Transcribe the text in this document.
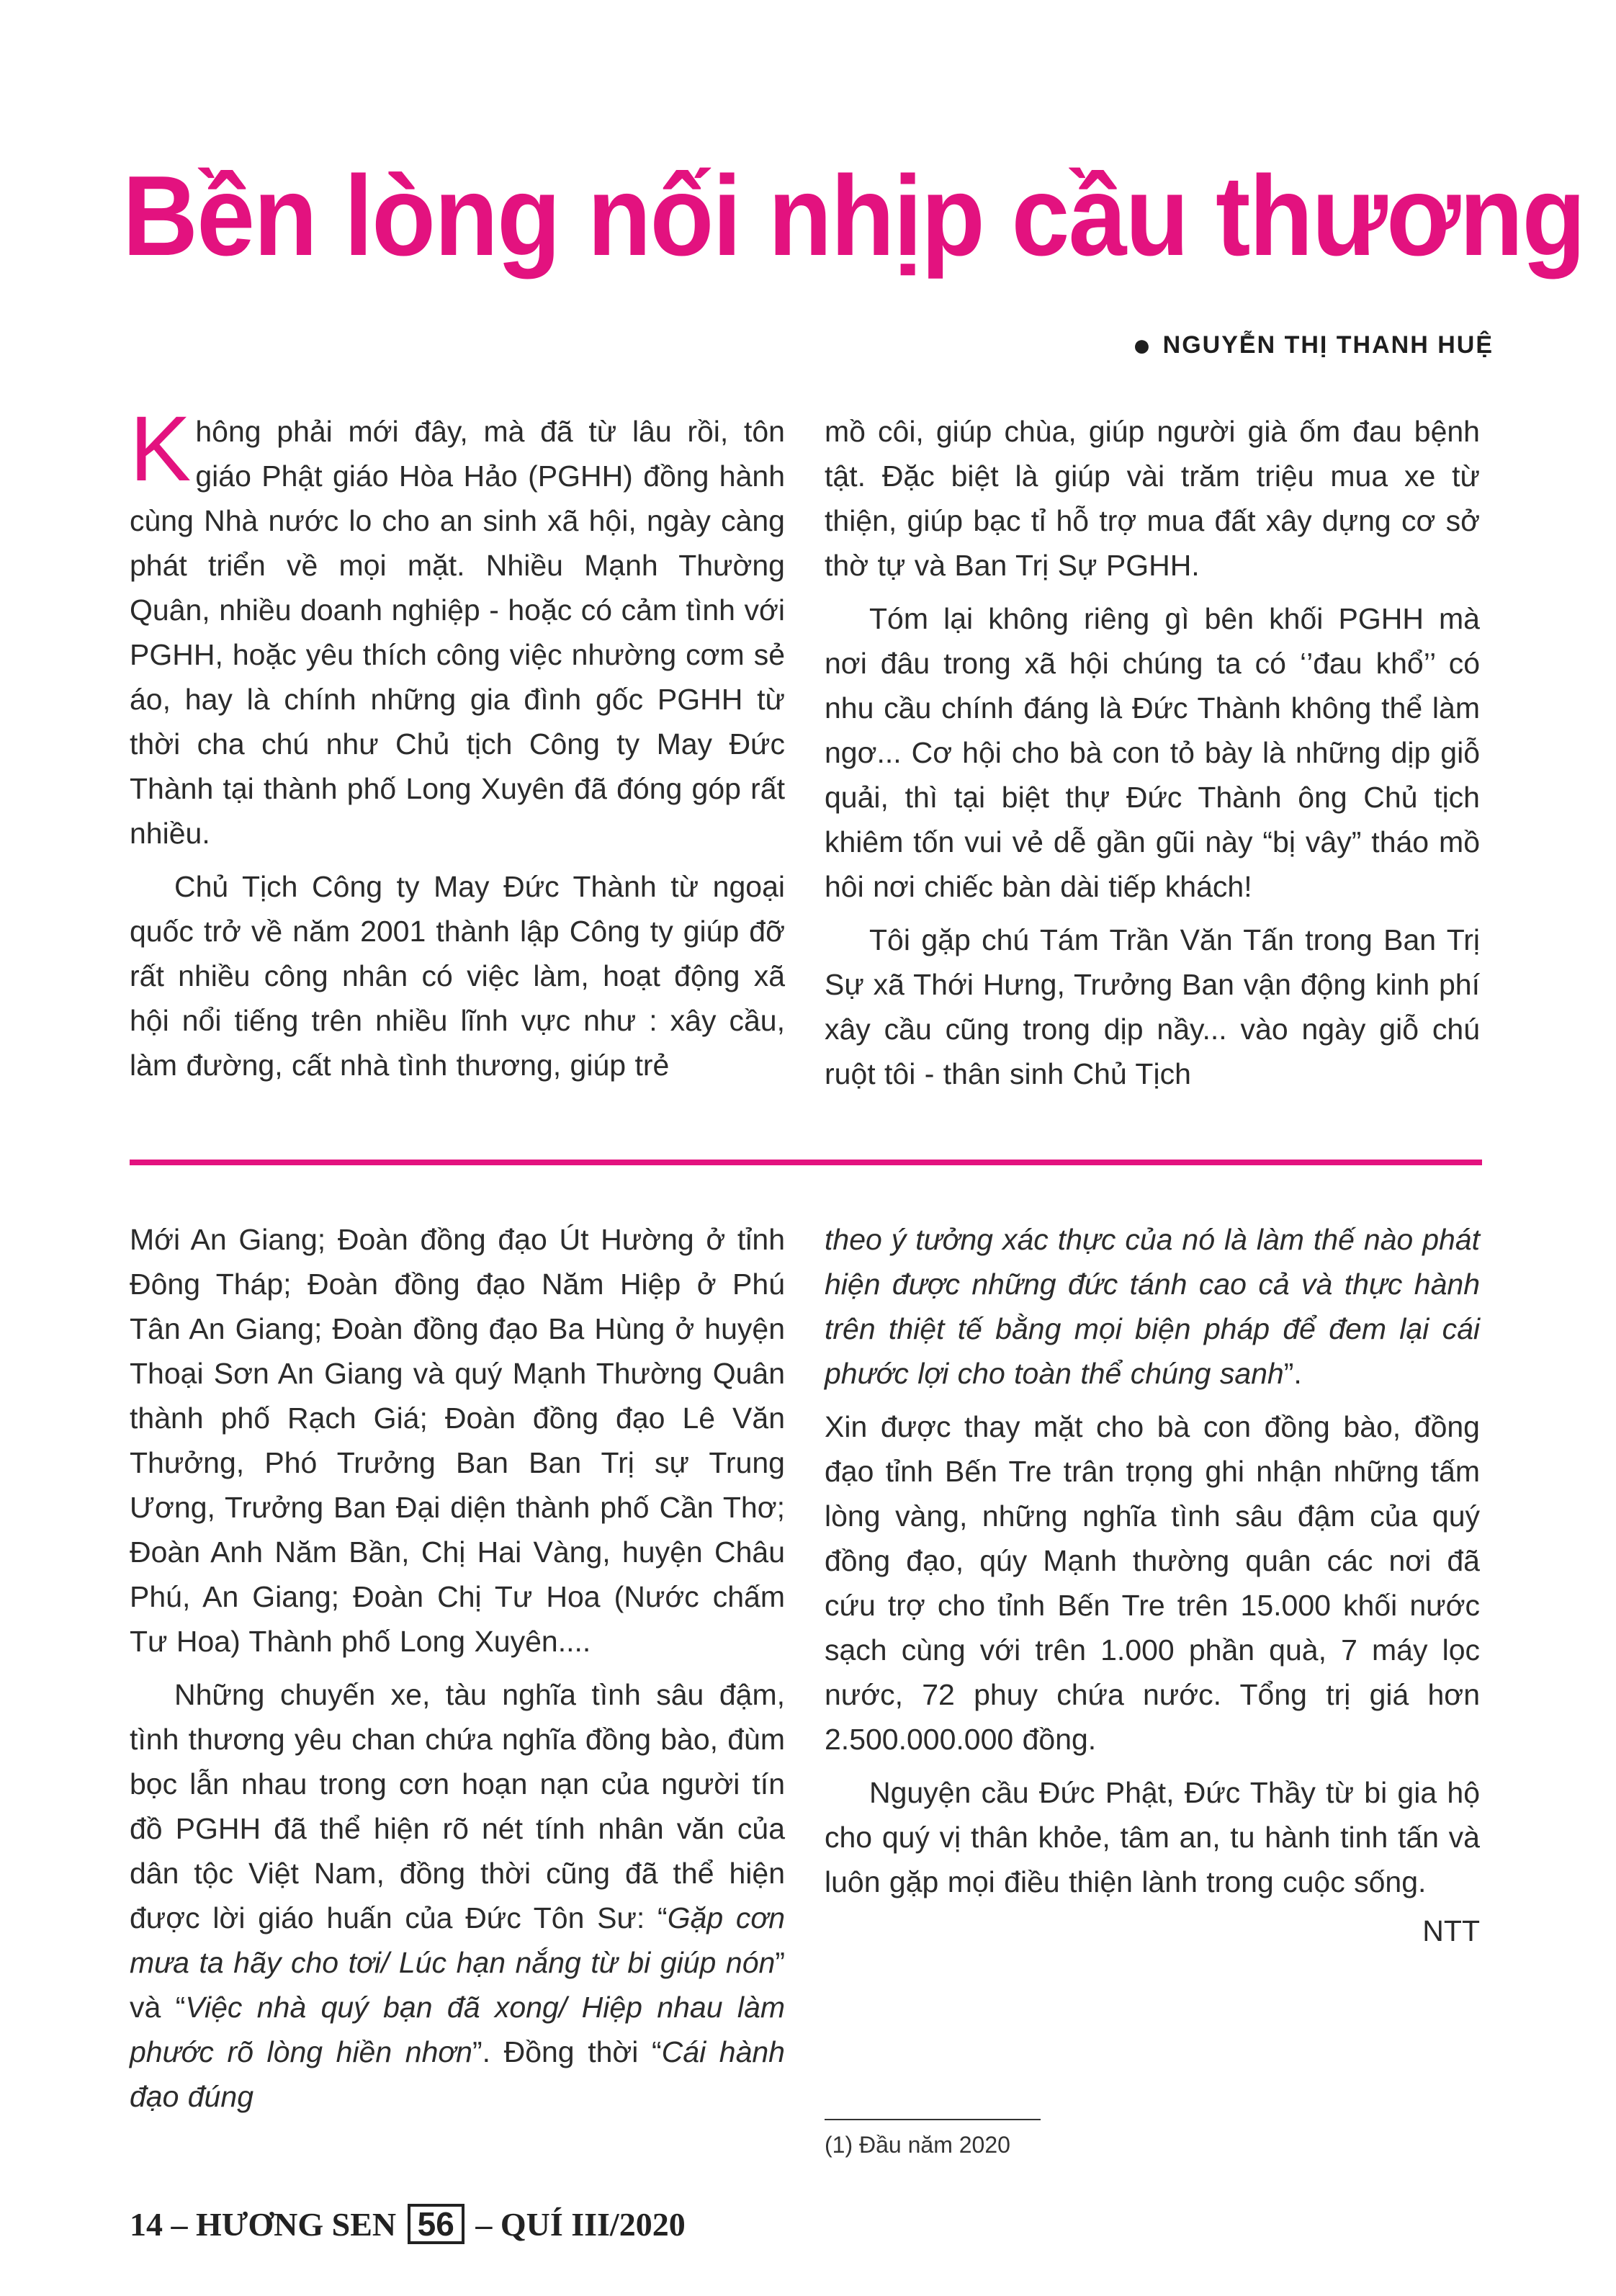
Bền lòng nối nhịp cầu thương
● NGUYỄN THỊ THANH HUỆ

Không phải mới đây, mà đã từ lâu rồi, tôn giáo Phật giáo Hòa Hảo (PGHH) đồng hành cùng Nhà nước lo cho an sinh xã hội, ngày càng phát triển về mọi mặt. Nhiều Mạnh Thường Quân, nhiều doanh nghiệp - hoặc có cảm tình với PGHH, hoặc yêu thích công việc nhường cơm sẻ áo, hay là chính những gia đình gốc PGHH từ thời cha chú như Chủ tịch Công ty May Đức Thành tại thành phố Long Xuyên đã đóng góp rất nhiều.

Chủ Tịch Công ty May Đức Thành từ ngoại quốc trở về năm 2001 thành lập Công ty giúp đỡ rất nhiều công nhân có việc làm, hoạt động xã hội nổi tiếng trên nhiều lĩnh vực như : xây cầu, làm đường, cất nhà tình thương, giúp trẻ

mồ côi, giúp chùa, giúp người già ốm đau bệnh tật. Đặc biệt là giúp vài trăm triệu mua xe từ thiện, giúp bạc tỉ hỗ trợ mua đất xây dựng cơ sở thờ tự và Ban Trị Sự PGHH.

Tóm lại không riêng gì bên khối PGHH mà nơi đâu trong xã hội chúng ta có ‘’đau khổ’’ có nhu cầu chính đáng là Đức Thành không thể làm ngơ... Cơ hội cho bà con tỏ bày là những dịp giỗ quải, thì tại biệt thự Đức Thành ông Chủ tịch khiêm tốn vui vẻ dễ gần gũi này “bị vây” tháo mồ hôi nơi chiếc bàn dài tiếp khách!

Tôi gặp chú Tám Trần Văn Tấn trong Ban Trị Sự xã Thới Hưng, Trưởng Ban vận động kinh phí xây cầu cũng trong dịp nầy... vào ngày giỗ chú ruột tôi - thân sinh Chủ Tịch

Mới An Giang; Đoàn đồng đạo Út Hường ở tỉnh Đông Tháp; Đoàn đồng đạo Năm Hiệp ở Phú Tân An Giang; Đoàn đồng đạo Ba Hùng ở huyện Thoại Sơn An Giang và quý Mạnh Thường Quân thành phố Rạch Giá; Đoàn đồng đạo Lê Văn Thưởng, Phó Trưởng Ban Ban Trị sự Trung Ương, Trưởng Ban Đại diện thành phố Cần Thơ; Đoàn Anh Năm Bần, Chị Hai Vàng, huyện Châu Phú, An Giang; Đoàn Chị Tư Hoa (Nước chấm Tư Hoa) Thành phố Long Xuyên....

Những chuyến xe, tàu nghĩa tình sâu đậm, tình thương yêu chan chứa nghĩa đồng bào, đùm bọc lẫn nhau trong cơn hoạn nạn của người tín đồ PGHH đã thể hiện rõ nét tính nhân văn của dân tộc Việt Nam, đồng thời cũng đã thể hiện được lời giáo huấn của Đức Tôn Sư: “Gặp cơn mưa ta hãy cho tơi/ Lúc hạn nắng từ bi giúp nón” và “Việc nhà quý bạn đã xong/ Hiệp nhau làm phước rõ lòng hiền nhơn”. Đồng thời “Cái hành đạo đúng

theo ý tưởng xác thực của nó là làm thế nào phát hiện được những đức tánh cao cả và thực hành trên thiệt tế bằng mọi biện pháp để đem lại cái phước lợi cho toàn thể chúng sanh”.

Xin được thay mặt cho bà con đồng bào, đồng đạo tỉnh Bến Tre trân trọng ghi nhận những tấm lòng vàng, những nghĩa tình sâu đậm của quý đồng đạo, qúy Mạnh thường quân các nơi đã cứu trợ cho tỉnh Bến Tre trên 15.000 khối nước sạch cùng với trên 1.000 phần quà, 7 máy lọc nước, 72 phuy chứa nước. Tổng trị giá hơn 2.500.000.000 đồng.

Nguyện cầu Đức Phật, Đức Thầy từ bi gia hộ cho quý vị thân khỏe, tâm an, tu hành tinh tấn và luôn gặp mọi điều thiện lành trong cuộc sống.

NTT
(1) Đầu năm 2020
14 – HƯƠNG SEN 56 – QUÍ III/2020
